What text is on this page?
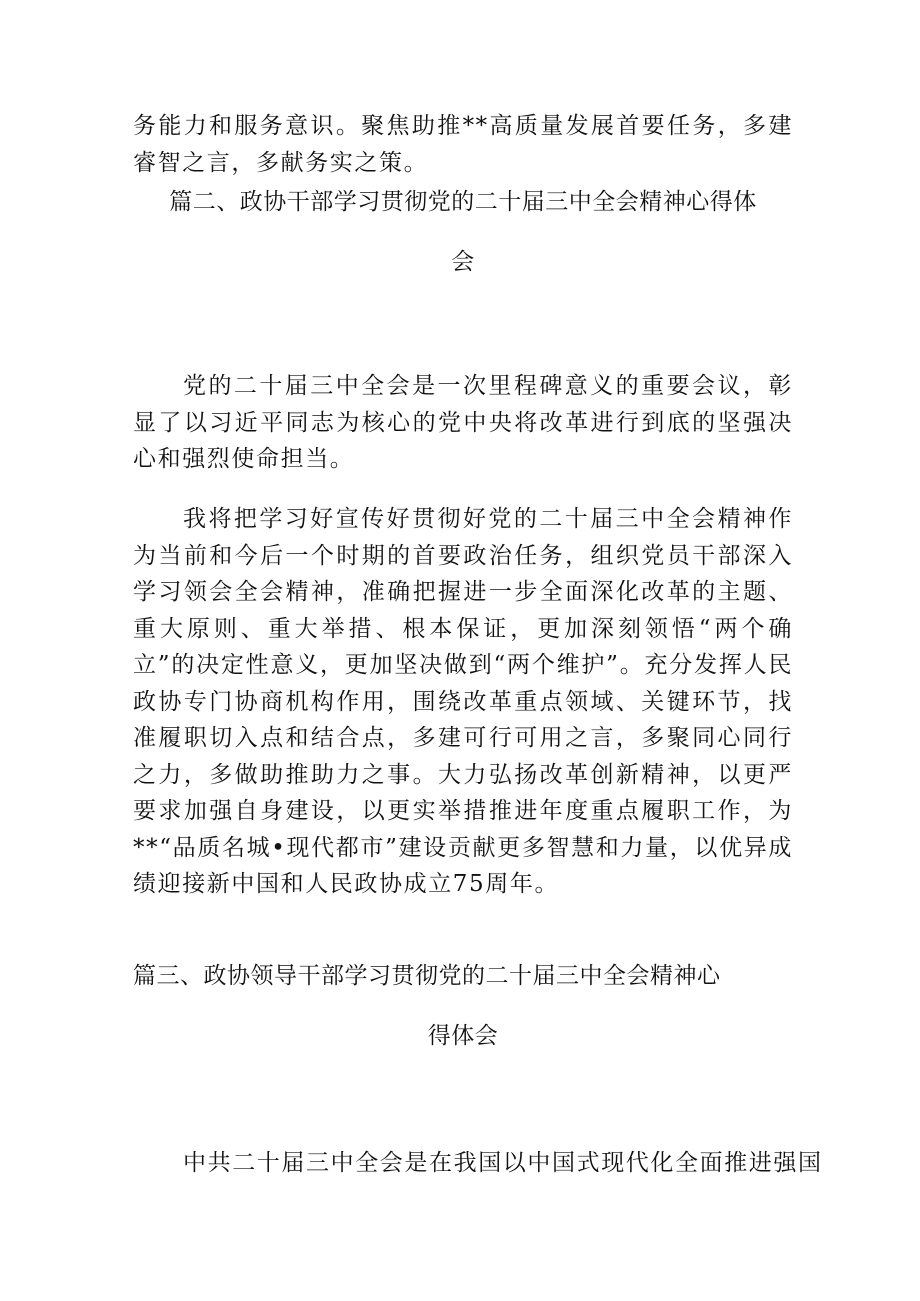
务能力和服务意识。聚焦助推**高质量发展首要任务，多建睿智之言，多献务实之策。

篇二、政协干部学习贯彻党的二十届三中全会精神心得体
会

党的二十届三中全会是一次里程碑意义的重要会议，彰显了以习近平同志为核心的党中央将改革进行到底的坚强决心和强烈使命担当。

我将把学习好宣传好贯彻好党的二十届三中全会精神作为当前和今后一个时期的首要政治任务，组织党员干部深入学习领会全会精神，准确把握进一步全面深化改革的主题、重大原则、重大举措、根本保证，更加深刻领悟“两个确立”的决定性意义，更加坚决做到“两个维护”。充分发挥人民政协专门协商机构作用，围绕改革重点领域、关键环节，找准履职切入点和结合点，多建可行可用之言，多聚同心同行之力，多做助推助力之事。大力弘扬改革创新精神，以更严要求加强自身建设，以更实举措推进年度重点履职工作，为**“品质名城•现代都市”建设贡献更多智慧和力量，以优异成绩迎接新中国和人民政协成立75周年。

篇三、政协领导干部学习贯彻党的二十届三中全会精神心
得体会

中共二十届三中全会是在我国以中国式现代化全面推进强国
